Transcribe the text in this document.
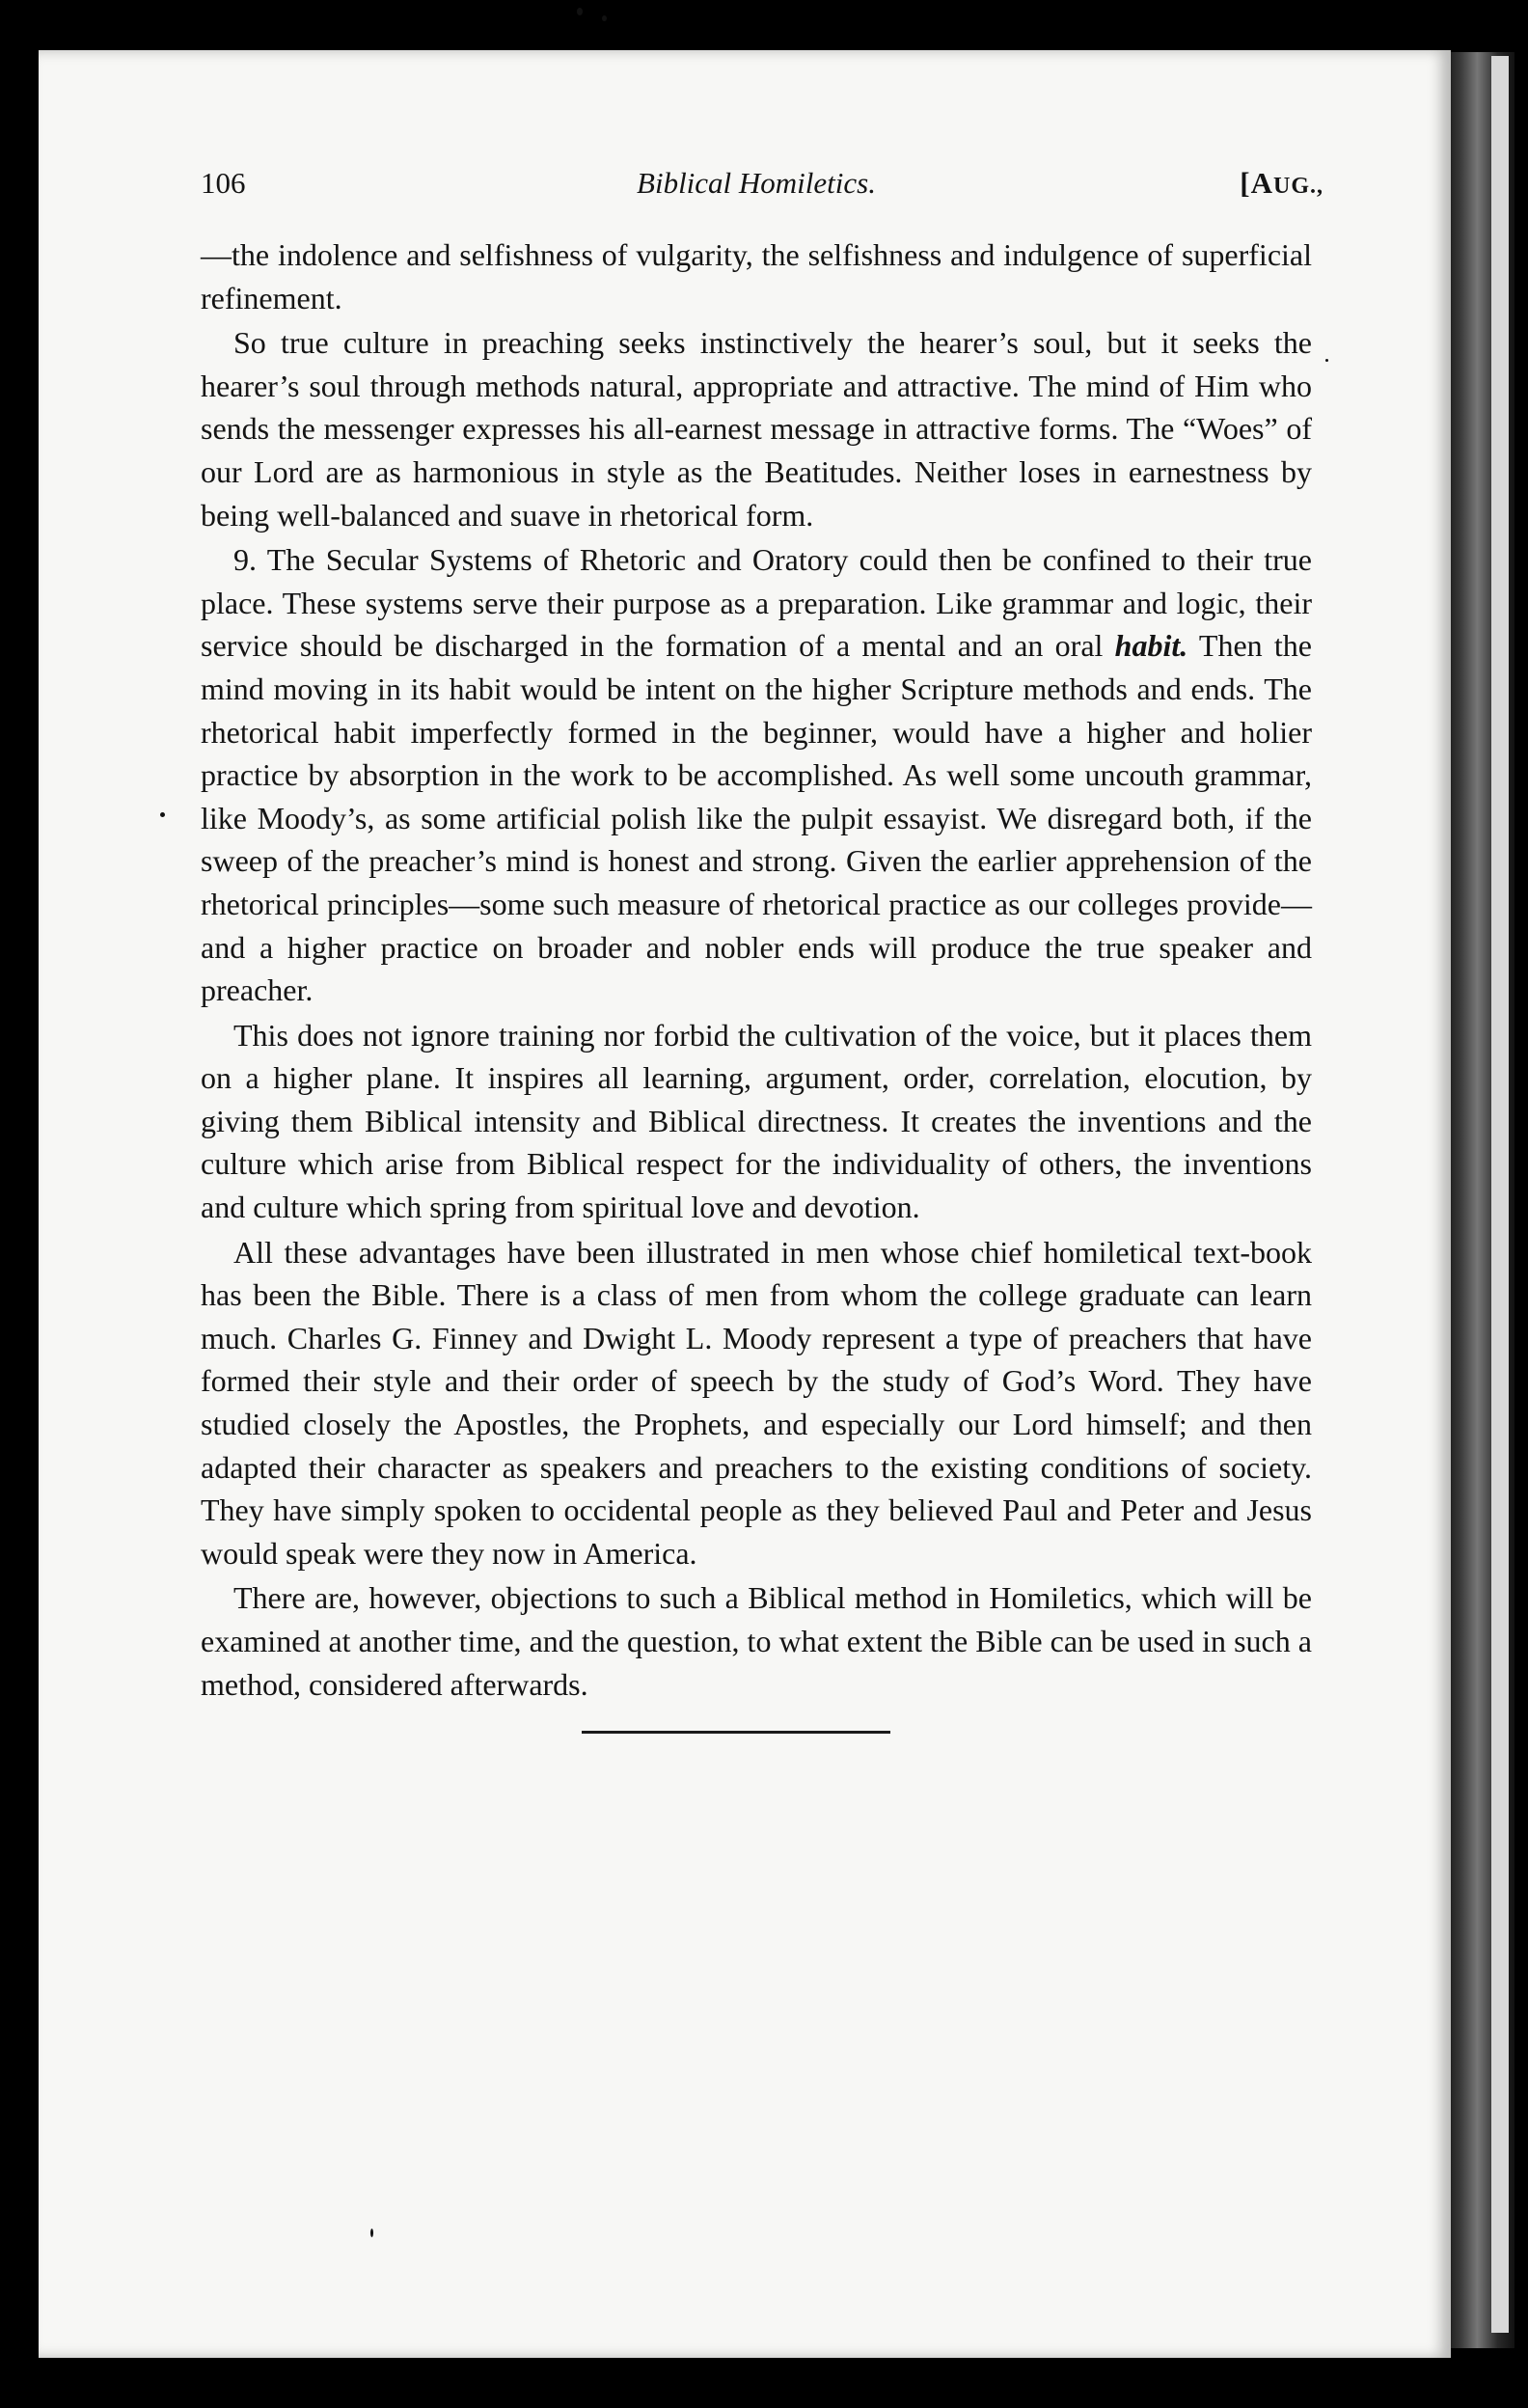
106	Biblical Homiletics.	[AUG.,

—the indolence and selfishness of vulgarity, the selfishness and indulgence of superficial refinement.

So true culture in preaching seeks instinctively the hearer’s soul, but it seeks the hearer’s soul through methods natural, appropriate and attractive. The mind of Him who sends the messenger expresses his all-earnest message in attractive forms. The “Woes” of our Lord are as harmonious in style as the Beatitudes. Neither loses in earnestness by being well-balanced and suave in rhetorical form.

9. The Secular Systems of Rhetoric and Oratory could then be confined to their true place. These systems serve their purpose as a preparation. Like grammar and logic, their service should be discharged in the formation of a mental and an oral habit. Then the mind moving in its habit would be intent on the higher Scripture methods and ends. The rhetorical habit imperfectly formed in the beginner, would have a higher and holier practice by absorption in the work to be accomplished. As well some uncouth grammar, like Moody’s, as some artificial polish like the pulpit essayist. We disregard both, if the sweep of the preacher’s mind is honest and strong. Given the earlier apprehension of the rhetorical principles—some such measure of rhetorical practice as our colleges provide—and a higher practice on broader and nobler ends will produce the true speaker and preacher.

This does not ignore training nor forbid the cultivation of the voice, but it places them on a higher plane. It inspires all learning, argument, order, correlation, elocution, by giving them Biblical intensity and Biblical directness. It creates the inventions and the culture which arise from Biblical respect for the individuality of others, the inventions and culture which spring from spiritual love and devotion.

All these advantages have been illustrated in men whose chief homiletical text-book has been the Bible. There is a class of men from whom the college graduate can learn much. Charles G. Finney and Dwight L. Moody represent a type of preachers that have formed their style and their order of speech by the study of God’s Word. They have studied closely the Apostles, the Prophets, and especially our Lord himself; and then adapted their character as speakers and preachers to the existing conditions of society. They have simply spoken to occidental people as they believed Paul and Peter and Jesus would speak were they now in America.

There are, however, objections to such a Biblical method in Homiletics, which will be examined at another time, and the question, to what extent the Bible can be used in such a method, considered afterwards.
